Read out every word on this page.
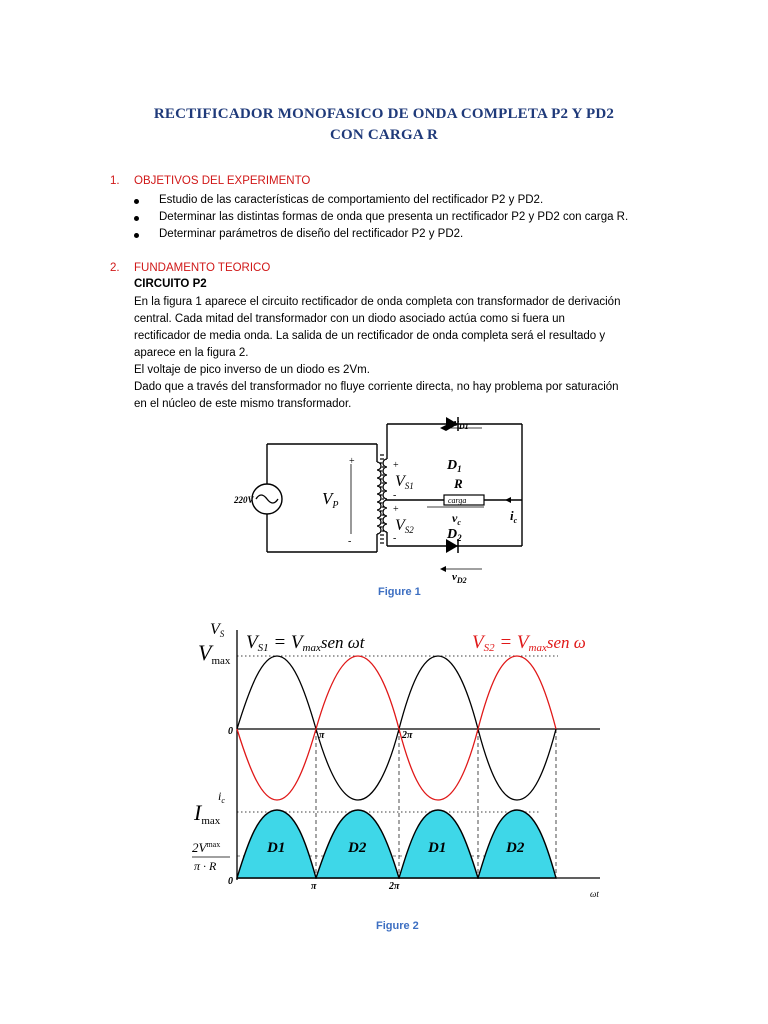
RECTIFICADOR MONOFASICO DE ONDA COMPLETA P2 Y PD2
CON CARGA R
1. OBJETIVOS DEL EXPERIMENTO
Estudio de las características de comportamiento del rectificador P2 y PD2.
Determinar las distintas formas de onda que presenta un rectificador P2 y PD2 con carga R.
Determinar parámetros de diseño del rectificador P2 y PD2.
2. FUNDAMENTO TEORICO
CIRCUITO P2
En la figura 1 aparece el circuito rectificador de onda completa con transformador de derivación
central. Cada mitad del transformador con un diodo asociado actúa como si fuera un
rectificador de media onda. La salida de un rectificador de onda completa será el resultado y
aparece en la figura 2.
El voltaje de pico inverso de un diodo es 2Vm.
Dado que a través del transformador no fluye corriente directa, no hay problema por saturación
en el núcleo de este mismo transformador.
220V
+
-
$V_P$
+
-
VS1
+
-
VS2
$v_{D1}$
$D_1$
$v_{D2}$
$D_2$
R
carga
$v_c$	$i_c$
Figure 1
VS
Vmax
VS1 = Vmaxsen ωt	VS2 = Vmaxsen ω
0	π	2π
$i_c$
Imax
$2V^{max}$
π · R
0	π	2π
ωt
D1	D2	D1	D2
Figure 2
